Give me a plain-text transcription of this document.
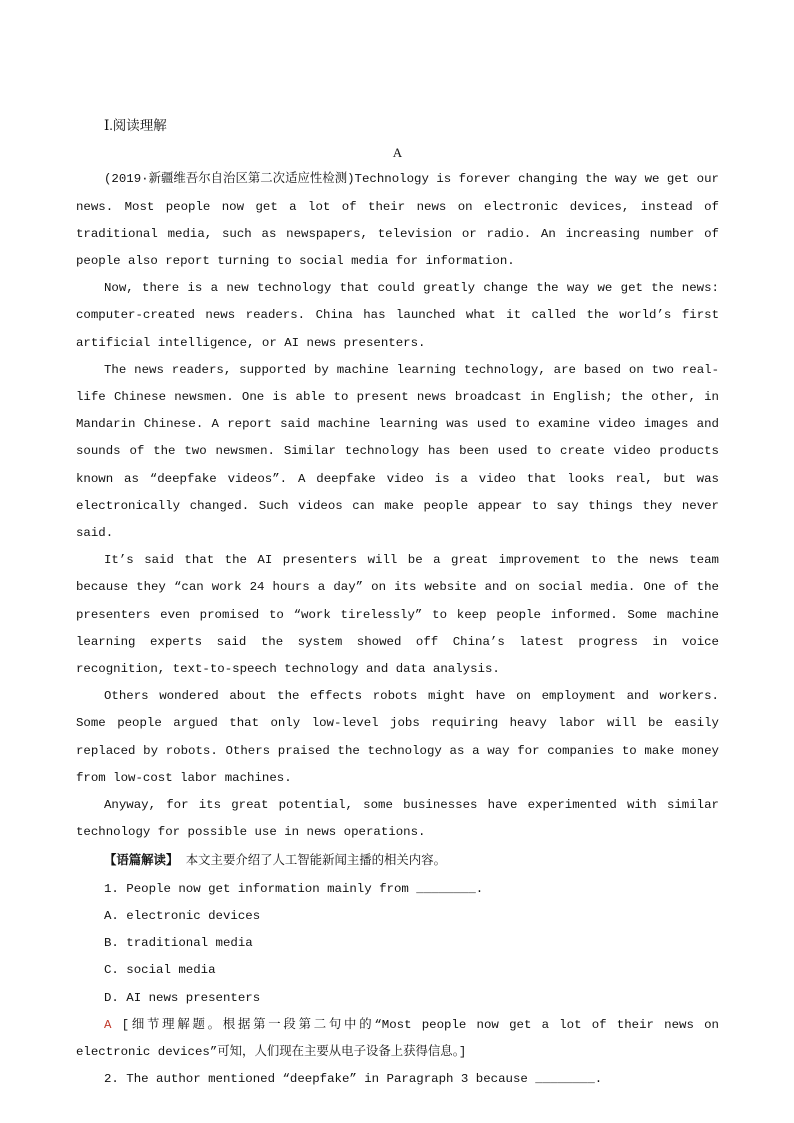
Ⅰ.阅读理解
A

(2019·新疆维吾尔自治区第二次适应性检测)Technology is forever changing the way we get our news. Most people now get a lot of their news on electronic devices, instead of traditional media, such as newspapers, television or radio. An increasing number of people also report turning to social media for information.

Now, there is a new technology that could greatly change the way we get the news: computer-created news readers. China has launched what it called the world’s first artificial intelligence, or AI news presenters.

The news readers, supported by machine learning technology, are based on two real-life Chinese newsmen. One is able to present news broadcast in English; the other, in Mandarin Chinese. A report said machine learning was used to examine video images and sounds of the two newsmen. Similar technology has been used to create video products known as “deepfake videos”. A deepfake video is a video that looks real, but was electronically changed. Such videos can make people appear to say things they never said.

It’s said that the AI presenters will be a great improvement to the news team because they “can work 24 hours a day” on its website and on social media. One of the presenters even promised to “work tirelessly” to keep people informed. Some machine learning experts said the system showed off China’s latest progress in voice recognition, text-to-speech technology and data analysis.

Others wondered about the effects robots might have on employment and workers. Some people argued that only low-level jobs requiring heavy labor will be easily replaced by robots. Others praised the technology as a way for companies to make money from low-cost labor machines.

Anyway, for its great potential, some businesses have experimented with similar technology for possible use in news operations.

【语篇解读】 本文主要介绍了人工智能新闻主播的相关内容。

1. People now get information mainly from ________.

A. electronic devices

B. traditional media

C. social media

D. AI news presenters

A [细节理解题。根据第一段第二句中的“Most people now get a lot of their news on electronic devices”可知，人们现在主要从电子设备上获得信息。]

2. The author mentioned “deepfake” in Paragraph 3 because ________.
